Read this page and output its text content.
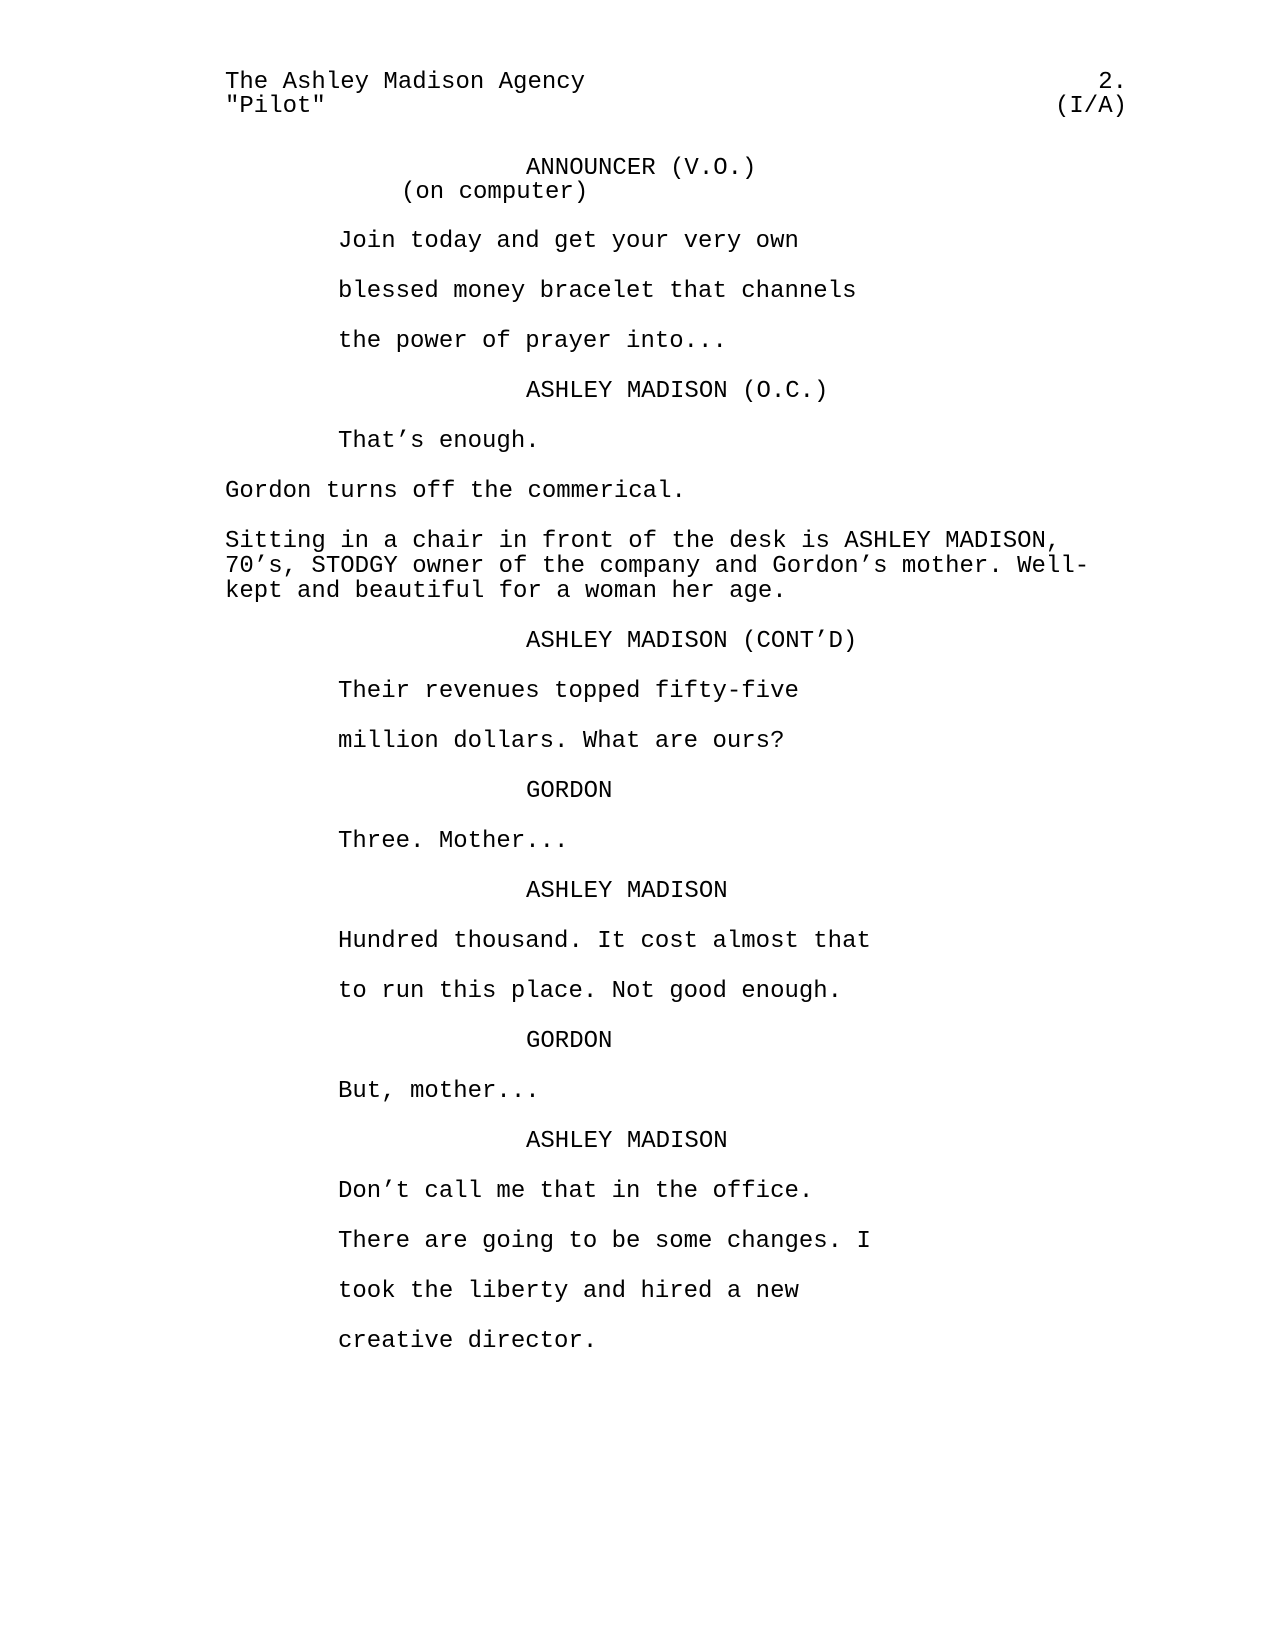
The Ashley Madison Agency
"Pilot"
2.
(I/A)
ANNOUNCER (V.O.)
(on computer)
Join today and get your very own
blessed money bracelet that channels
the power of prayer into...
ASHLEY MADISON (O.C.)
That’s enough.
Gordon turns off the commerical.
Sitting in a chair in front of the desk is ASHLEY MADISON,
70’s, STODGY owner of the company and Gordon’s mother. Well-
kept and beautiful for a woman her age.
ASHLEY MADISON (CONT’D)
Their revenues topped fifty-five
million dollars. What are ours?
GORDON
Three. Mother...
ASHLEY MADISON
Hundred thousand. It cost almost that
to run this place. Not good enough.
GORDON
But, mother...
ASHLEY MADISON
Don’t call me that in the office.
There are going to be some changes. I
took the liberty and hired a new
creative director.
